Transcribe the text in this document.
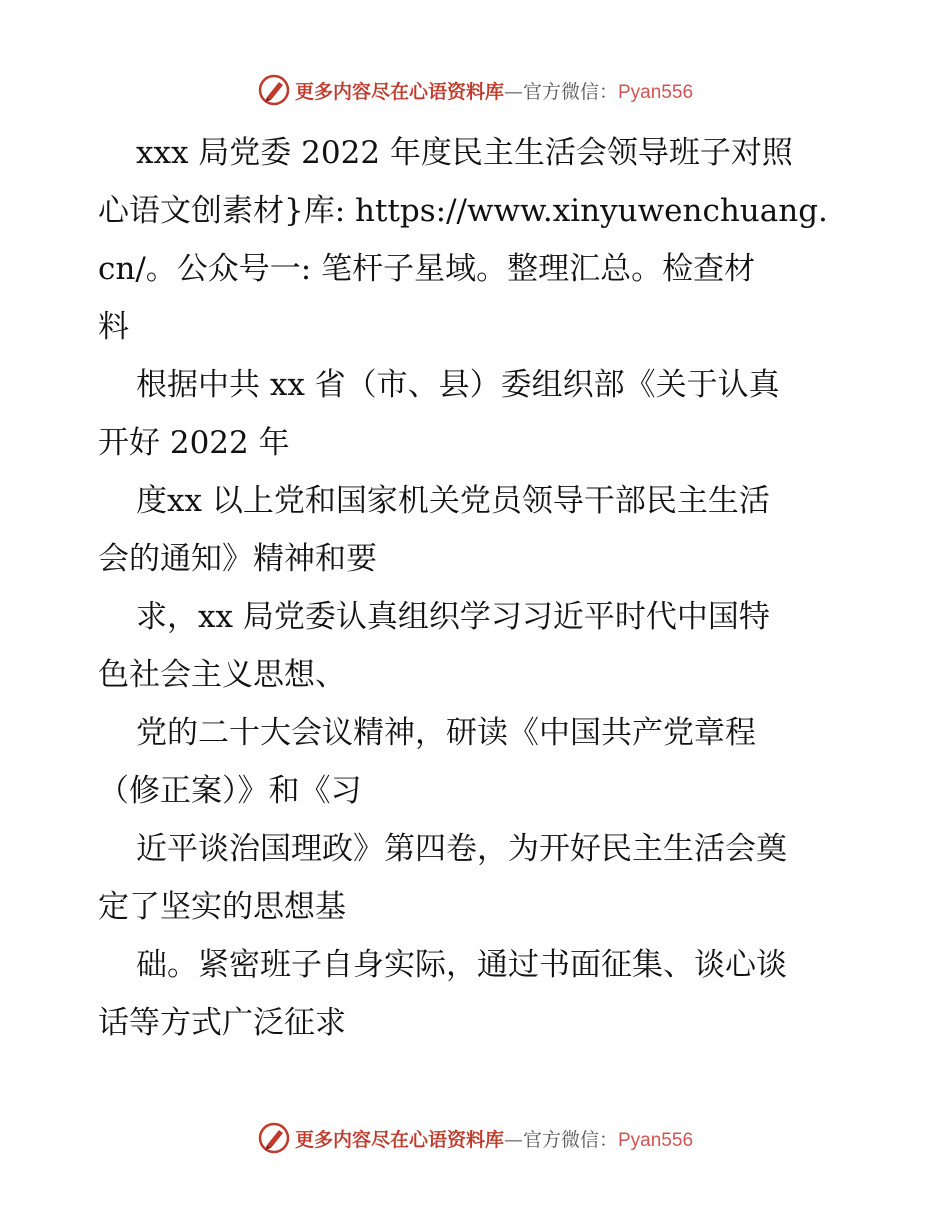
更多内容尽在心语资料库—官方微信：Pyan556
xxx 局党委 2022 年度民主生活会领导班子对照
心语文创素材}库: https://www.xinyuwenchuang.
cn/。公众号一: 笔杆子星域。整理汇总。检查材
料
根据中共 xx 省（市、县）委组织部《关于认真
开好 2022 年
度xx 以上党和国家机关党员领导干部民主生活
会的通知》精神和要
求，xx 局党委认真组织学习习近平时代中国特
色社会主义思想、
党的二十大会议精神，研读《中国共产党章程
（修正案）》和《习
近平谈治国理政》第四卷，为开好民主生活会奠
定了坚实的思想基
础。紧密班子自身实际，通过书面征集、谈心谈
话等方式广泛征求
更多内容尽在心语资料库—官方微信：Pyan556
